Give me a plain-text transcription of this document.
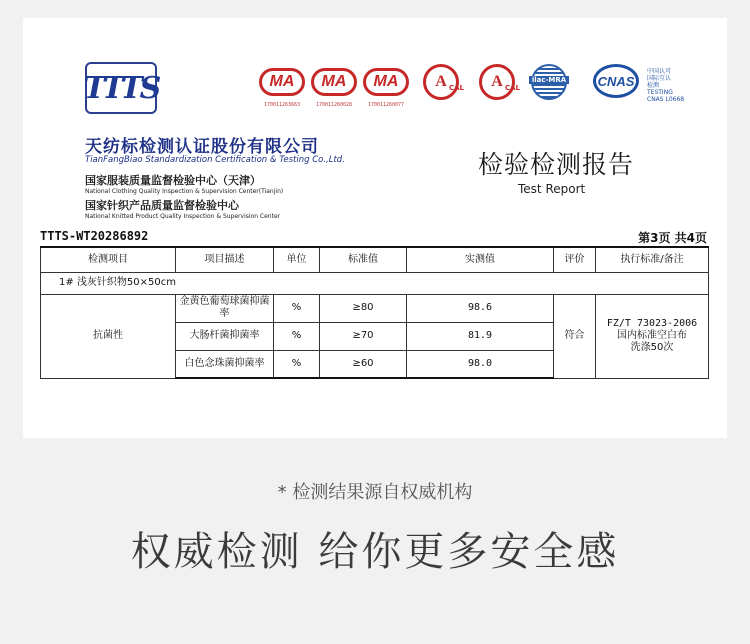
TTTS	MA
170011263663
MA
170011260028
MA
170011260077
A CAL A CAL
ilac-MRA CNAS
中国认可
国际互认
检测
TESTING
CNAS L0668
天纺标检测认证股份有限公司
TianFangBiao Standardization Certification & Testing Co.,Ltd.
国家服装质量监督检验中心（天津）
National Clothing Quality Inspection & Supervision Center(Tianjin)
国家针织产品质量监督检验中心
National Knitted Product Quality Inspection & Supervision Center
检验检测报告
Test Report
TTTS-WT20286892	第3页 共4页
检测项目	项目描述	单位	标准值	实测值	评价	执行标准/备注
1# 浅灰针织物50×50cm						
抗菌性	金黄色葡萄球菌抑菌率	%	≥80	98.6	符合	FZ/T 73023-2006
国内标准空白布
洗涤50次

	大肠杆菌抑菌率	%	≥70	81.9		
	白色念珠菌抑菌率	%	≥60	98.0		
* 检测结果源自权威机构
权威检测 给你更多安全感
